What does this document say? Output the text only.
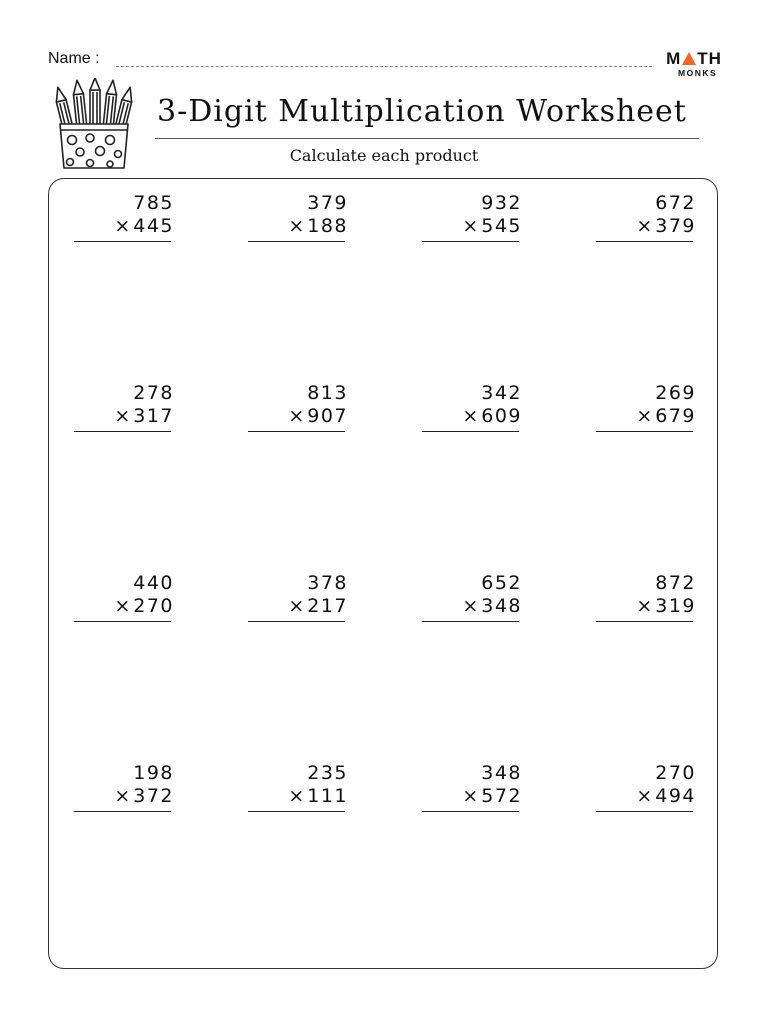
Name :	M TH
MONKS
3-Digit Multiplication Worksheet
Calculate each product
785
× 445
379
× 188
932
× 545
672
× 379
278
× 317
813
× 907
342
× 609
269
× 679
440
× 270
378
× 217
652
× 348
872
× 319
198
× 372
235
× 111
348
× 572
270
× 494
